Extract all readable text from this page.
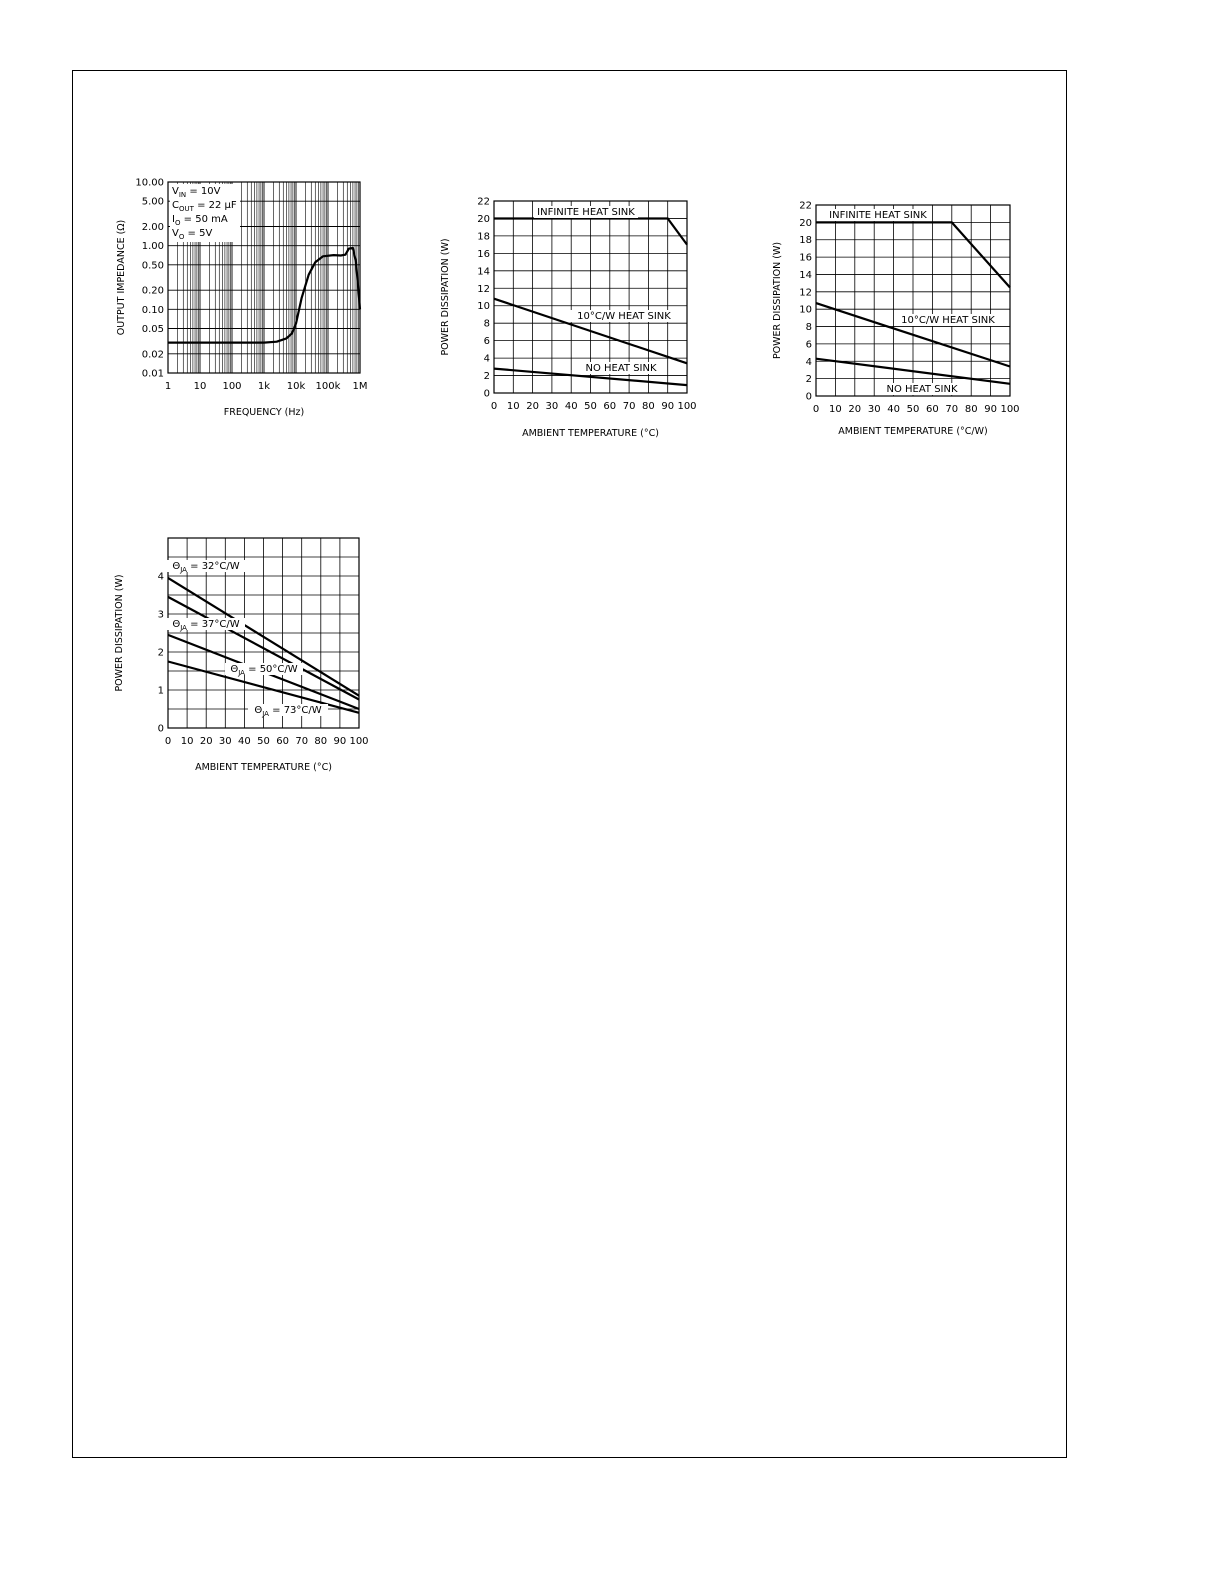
0.01
0.02
0.05
0.10
0.20
0.50
1.00
2.00
5.00
10.00
1 10 100 1k 10k 100k 1M
$V_{IN} = 10V$
$C_{OUT} = 22$ μF
$I_O = 50$ mA
$V_O = 5V$
FREQUENCY (Hz)
OUTPUT IMPEDANCE (Ω)
0 10 20 30 40 50 60 70 80 90 100
0
2
4
6
8
10
12
14
16
18
20
22
INFINITE HEAT SINK
10°C/W HEAT SINK
NO HEAT SINK
AMBIENT TEMPERATURE (°C)
POWER DISSIPATION (W)
0 10 20 30 40 50 60 70 80 90 100
0
2
4
6
8
10
12
14
16
18
20
22
INFINITE HEAT SINK
10°C/W HEAT SINK
NO HEAT SINK
AMBIENT TEMPERATURE (°C/W)
POWER DISSIPATION (W)
0 10 20 30 40 50 60 70 80 90 100
0
1
2
3
4
$\Theta_{JA} = 32^\circ C/W$
$\Theta_{JA} = 37^\circ C/W$
$\Theta_{JA} = 50^\circ C/W$
$\Theta_{JA} = 73^\circ C/W$
AMBIENT TEMPERATURE (°C)
POWER DISSIPATION (W)
